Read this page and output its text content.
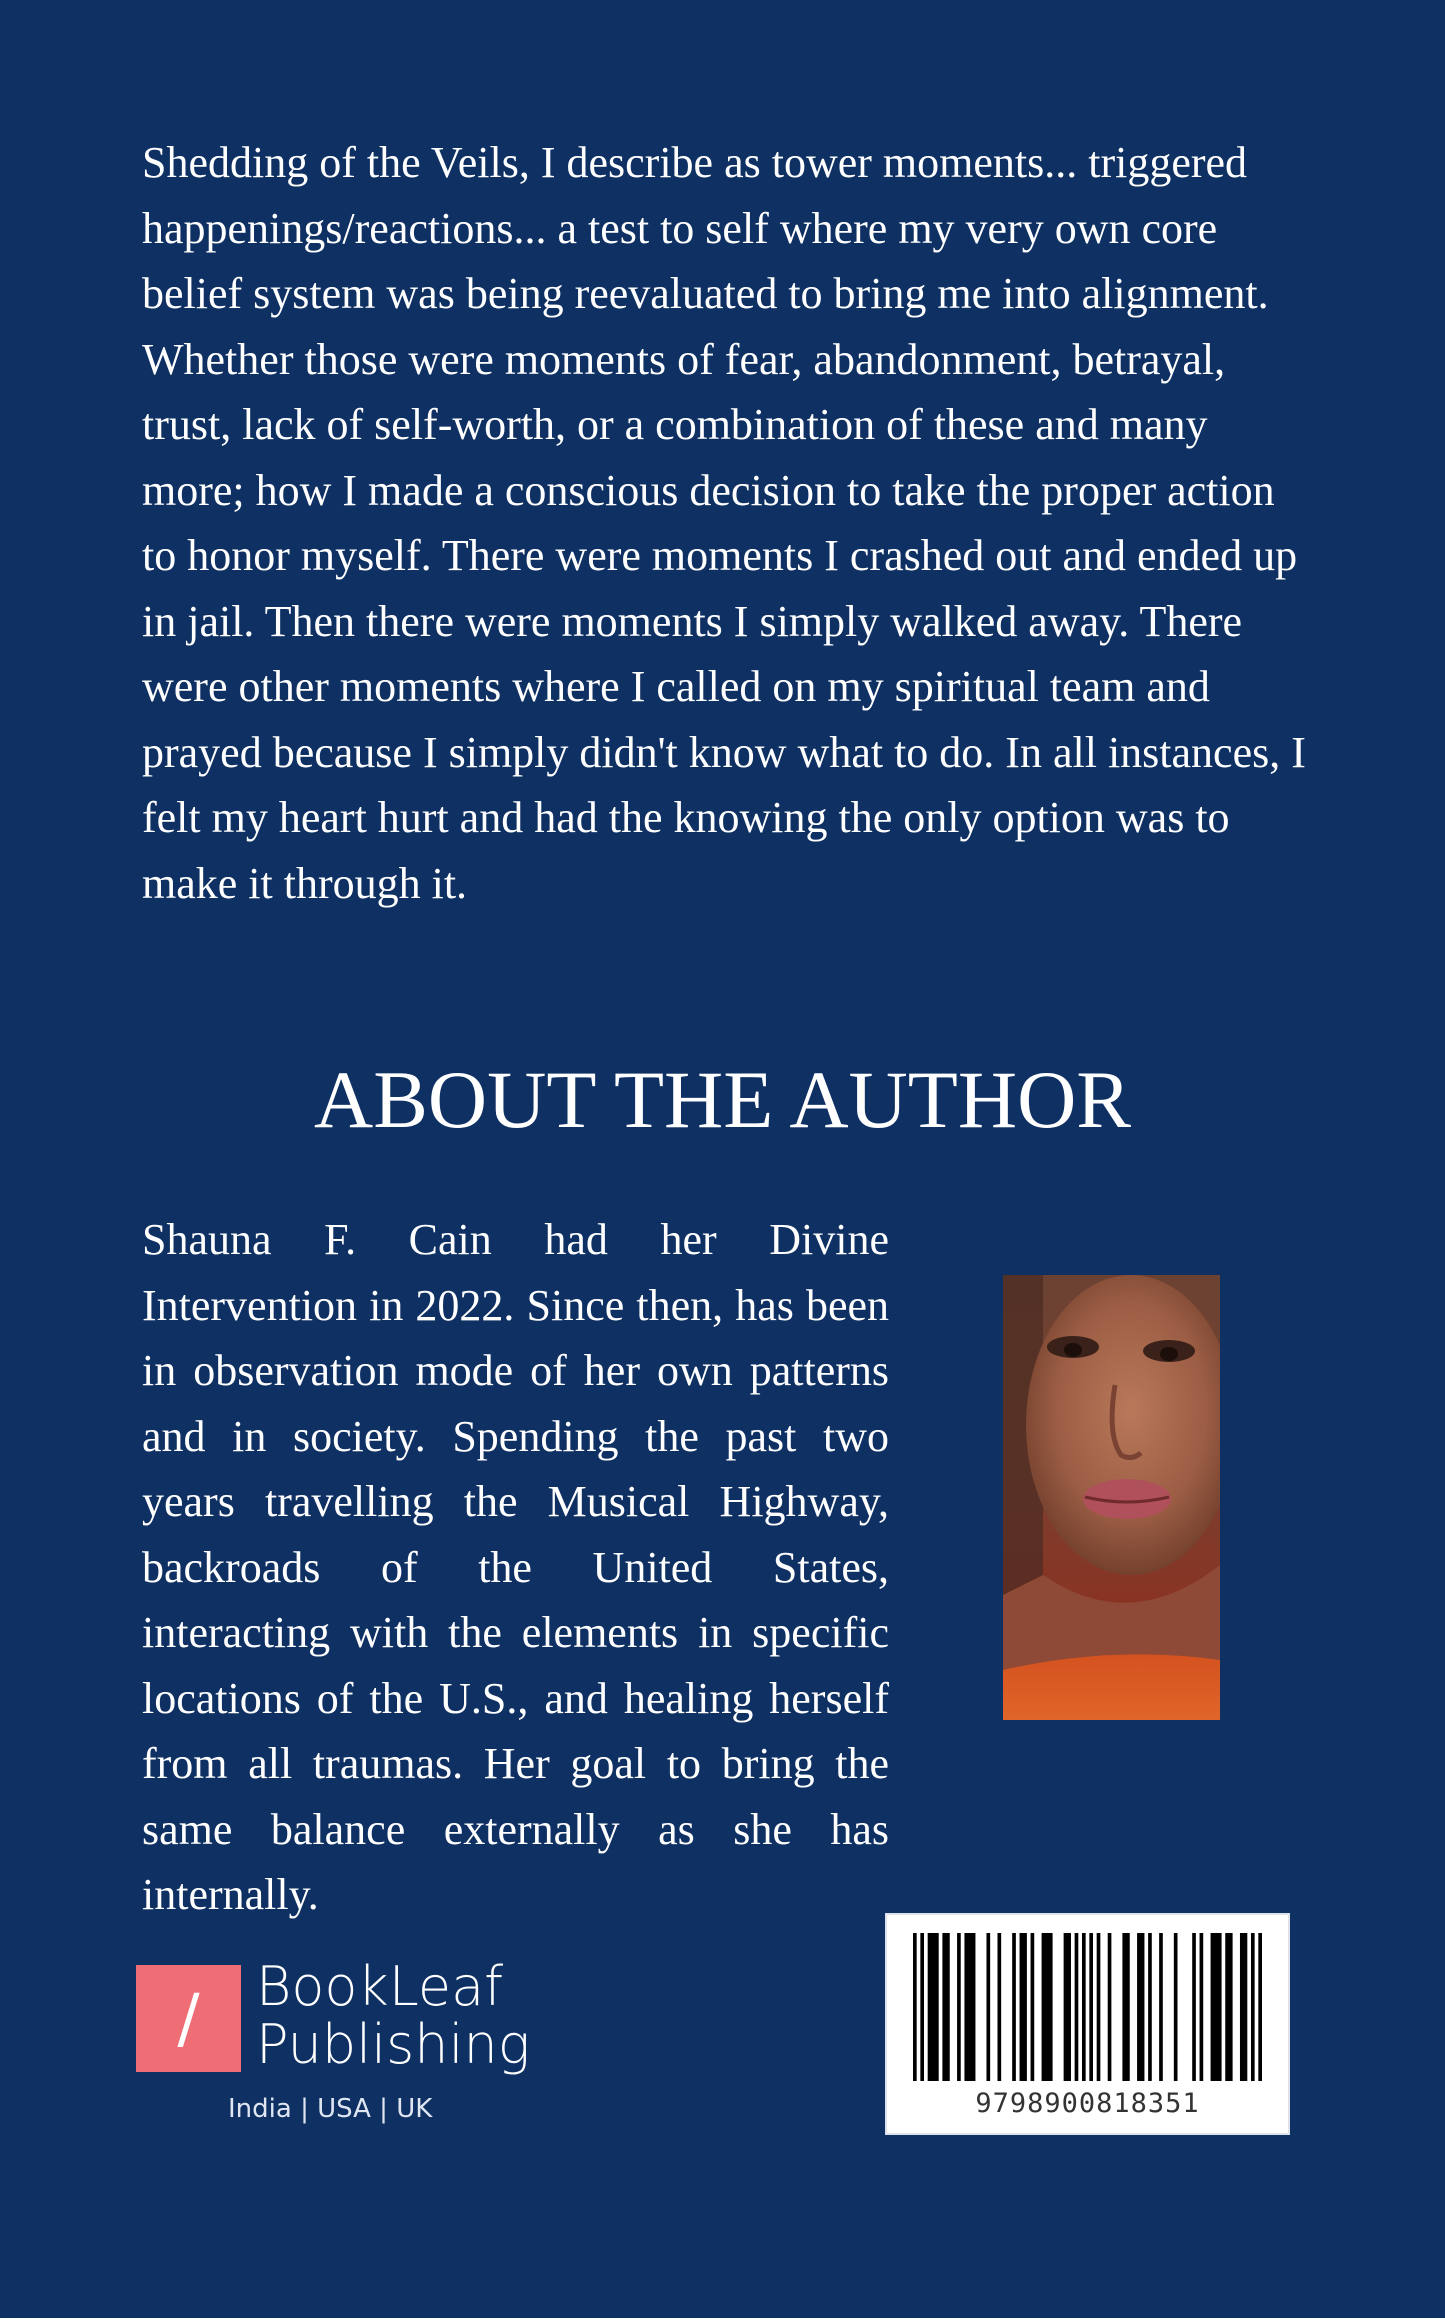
Shedding of the Veils, I describe as tower moments... triggered happenings/reactions... a test to self where my very own core belief system was being reevaluated to bring me into alignment. Whether those were moments of fear, abandonment, betrayal, trust, lack of self-worth, or a combination of these and many more; how I made a conscious decision to take the proper action to honor myself. There were moments I crashed out and ended up in jail. Then there were moments I simply walked away. There were other moments where I called on my spiritual team and prayed because I simply didn't know what to do. In all instances, I felt my heart hurt and had the knowing the only option was to make it through it.

ABOUT THE AUTHOR

Shauna F. Cain had her Divine Intervention in 2022. Since then, has been in observation mode of her own patterns and in society. Spending the past two years travelling the Musical Highway, backroads of the United States, interacting with the elements in specific locations of the U.S., and healing herself from all traumas. Her goal to bring the same balance externally as she has internally.

/	BookLeaf
Publishing
India | USA | UK	9798900818351
